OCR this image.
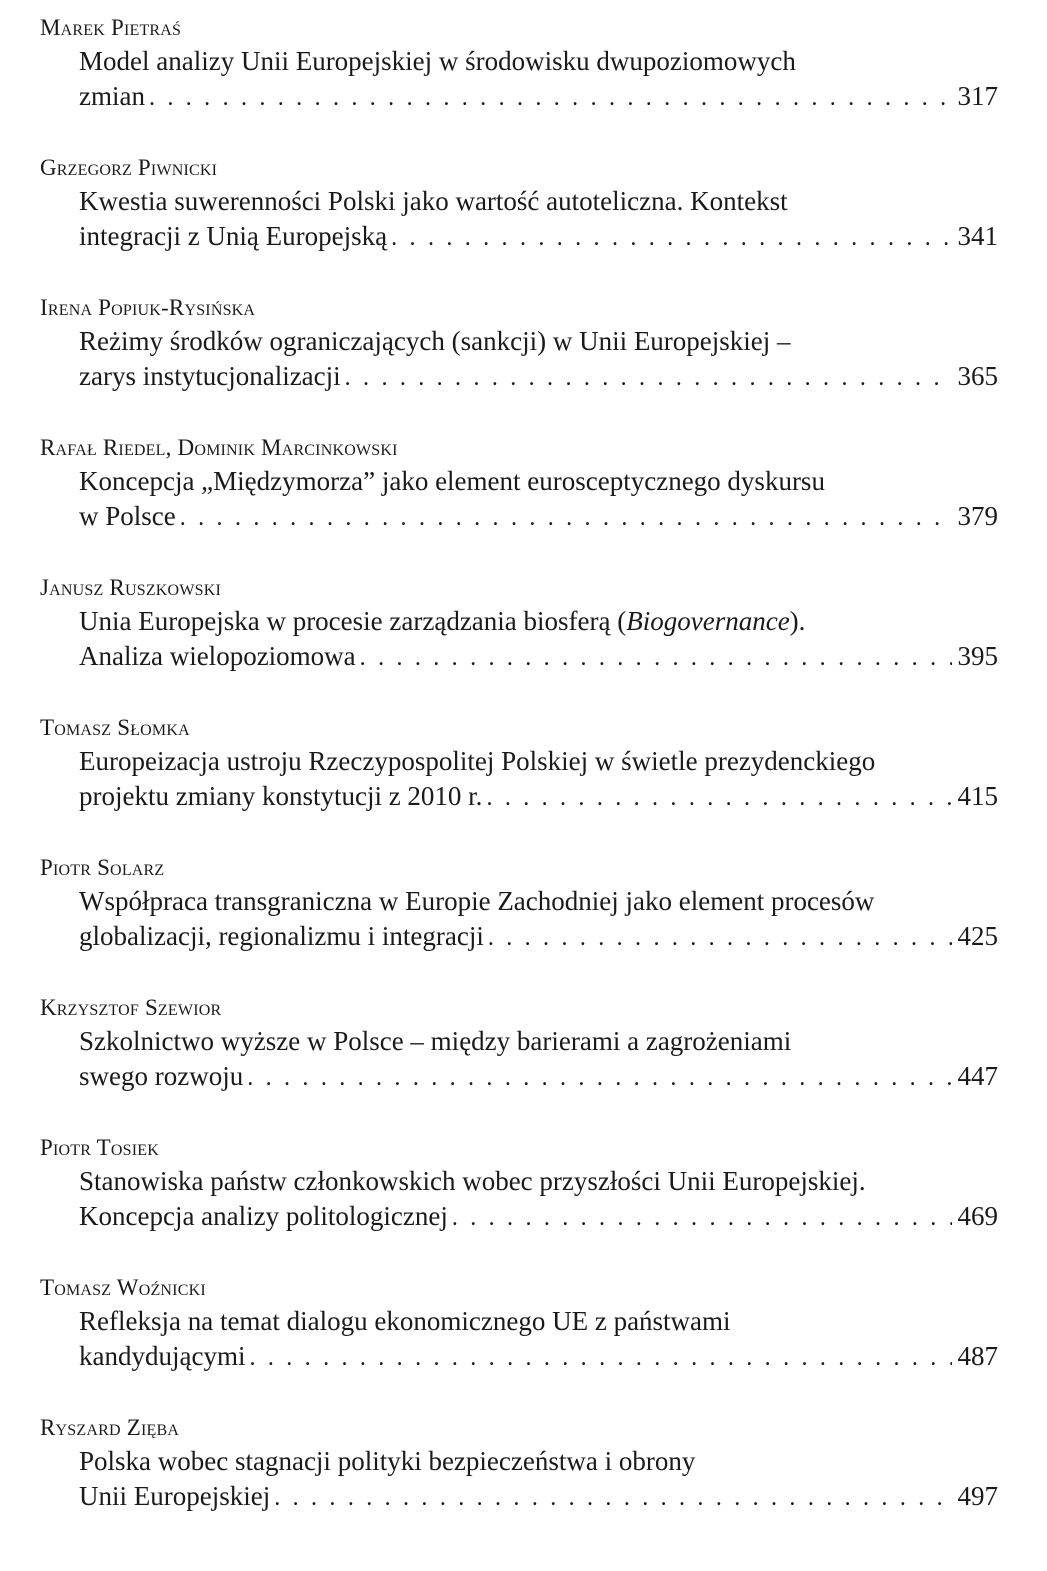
Marek Pietraś
Model analizy Unii Europejskiej w środowisku dwupoziomowych
zmian . . .	317
Grzegorz Piwnicki
Kwestia suwerenności Polski jako wartość autoteliczna. Kontekst
integracji z Unią Europejską . . .	341
Irena Popiuk-Rysińska
Reżimy środków ograniczających (sankcji) w Unii Europejskiej –
zarys instytucjonalizacji . . .	365
Rafał Riedel, Dominik Marcinkowski
Koncepcja „Międzymorza” jako element eurosceptycznego dyskursu
w Polsce . . .	379
Janusz Ruszkowski
Unia Europejska w procesie zarządzania biosferą (Biogovernance).
Analiza wielopoziomowa . . .	395
Tomasz Słomka
Europeizacja ustroju Rzeczypospolitej Polskiej w świetle prezydenckiego
projektu zmiany konstytucji z 2010 r. . . .	415
Piotr Solarz
Współpraca transgraniczna w Europie Zachodniej jako element procesów
globalizacji, regionalizmu i integracji . . .	425
Krzysztof Szewior
Szkolnictwo wyższe w Polsce – między barierami a zagrożeniami
swego rozwoju . . .	447
Piotr Tosiek
Stanowiska państw członkowskich wobec przyszłości Unii Europejskiej.
Koncepcja analizy politologicznej . . .	469
Tomasz Woźnicki
Refleksja na temat dialogu ekonomicznego UE z państwami
kandydującymi . . .	487
Ryszard Zięba
Polska wobec stagnacji polityki bezpieczeństwa i obrony
Unii Europejskiej . . .	497
